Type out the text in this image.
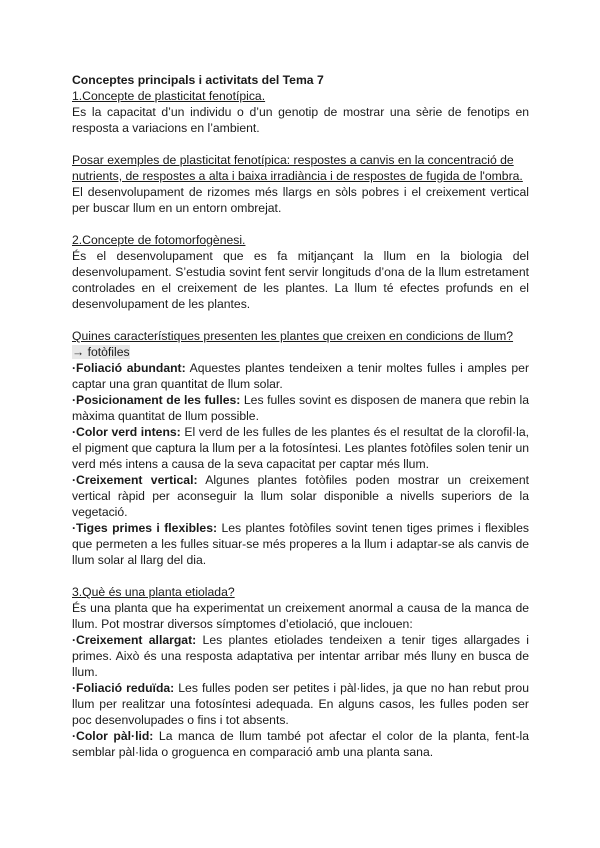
Conceptes principals i activitats del Tema 7
1.Concepte de plasticitat fenotípica.

Es la capacitat d’un individu o d’un genotip de mostrar una sèrie de fenotips en resposta a variacions en l’ambient.

Posar exemples de plasticitat fenotípica: respostes a canvis en la concentració de nutrients, de respostes a alta i baixa irradiància i de respostes de fugida de l'ombra.

El desenvolupament de rizomes més llargs en sòls pobres i el creixement vertical per buscar llum en un entorn ombrejat.

2.Concepte de fotomorfogènesi.

És el desenvolupament que es fa mitjançant la llum en la biologia del desenvolupament. S’estudia sovint fent servir longituds d’ona de la llum estretament controlades en el creixement de les plantes. La llum té efectes profunds en el desenvolupament de les plantes.

Quines característiques presenten les plantes que creixen en condicions de llum?
→ fotòfiles

·Foliació abundant: Aquestes plantes tendeixen a tenir moltes fulles i amples per captar una gran quantitat de llum solar.

·Posicionament de les fulles: Les fulles sovint es disposen de manera que rebin la màxima quantitat de llum possible.

·Color verd intens: El verd de les fulles de les plantes és el resultat de la clorofil·la, el pigment que captura la llum per a la fotosíntesi. Les plantes fotòfiles solen tenir un verd més intens a causa de la seva capacitat per captar més llum.

·Creixement vertical: Algunes plantes fotòfiles poden mostrar un creixement vertical ràpid per aconseguir la llum solar disponible a nivells superiors de la vegetació.

·Tiges primes i flexibles: Les plantes fotòfiles sovint tenen tiges primes i flexibles que permeten a les fulles situar-se més properes a la llum i adaptar-se als canvis de llum solar al llarg del dia.

3.Què és una planta etiolada?

És una planta que ha experimentat un creixement anormal a causa de la manca de llum. Pot mostrar diversos símptomes d’etiolació, que inclouen:

·Creixement allargat: Les plantes etiolades tendeixen a tenir tiges allargades i primes. Això és una resposta adaptativa per intentar arribar més lluny en busca de llum.

·Foliació reduïda: Les fulles poden ser petites i pàl·lides, ja que no han rebut prou llum per realitzar una fotosíntesi adequada. En alguns casos, les fulles poden ser poc desenvolupades o fins i tot absents.

·Color pàl·lid: La manca de llum també pot afectar el color de la planta, fent-la semblar pàl·lida o groguenca en comparació amb una planta sana.
